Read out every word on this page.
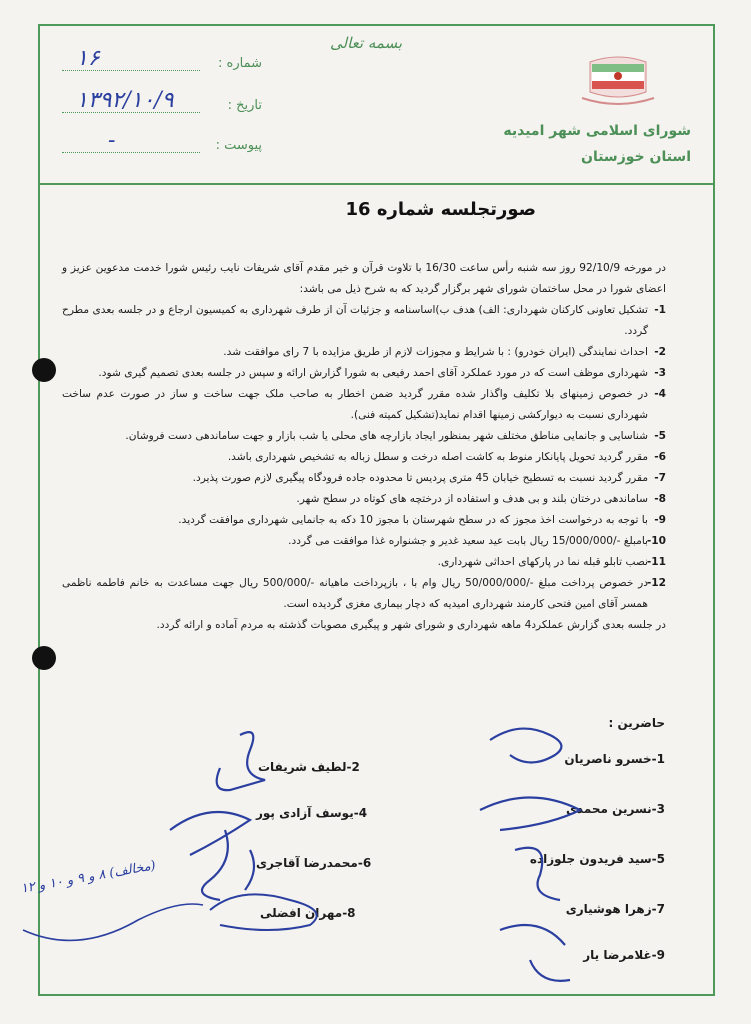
شماره :
۱۶
تاریخ :
۱۳۹۲/۱۰/۹
پیوست :
-
بسمه تعالی
شورای اسلامی شهر امیدیه
استان خوزستان
صورتجلسه شماره 16

در مورخه 92/10/9 روز سه شنبه رأس ساعت 16/30 با تلاوت قرآن و خیر مقدم آقای شریفات نایب رئیس شورا خدمت مدعوین عزیز و اعضای شورا در محل ساختمان شورای شهر برگزار گردید که به شرح ذیل می باشد:

1-
تشکیل تعاونی کارکنان شهرداری: الف) هدف ب)اساسنامه و جزئیات آن از طرف شهرداری به کمیسیون ارجاع و در جلسه بعدی مطرح گردد.
2-
احداث نمایندگی (ایران خودرو) : با شرایط و مجوزات لازم از طریق مزایده با 7 رای موافقت شد.
3-
شهرداری موظف است که در مورد عملکرد آقای احمد رفیعی به شورا گزارش ارائه و سپس در جلسه بعدی تصمیم گیری شود.
4-
در خصوص زمینهای بلا تکلیف واگذار شده مقرر گردید ضمن اخطار به صاحب ملک جهت ساخت و ساز در صورت عدم ساخت شهرداری نسبت به دیوارکشی زمینها اقدام نماید(تشکیل کمیته فنی).
5-
شناسایی و جانمایی مناطق مختلف شهر بمنظور ایجاد بازارچه های محلی یا شب بازار و جهت ساماندهی دست فروشان.
6-
مقرر گردید تحویل پایانکار منوط به کاشت اصله درخت و سطل زباله به تشخیص شهرداری باشد.
7-
مقرر گردید نسبت به تسطیح خیابان 45 متری پردیس تا محدوده جاده فرودگاه پیگیری لازم صورت پذیرد.
8-
ساماندهی درختان بلند و بی هدف و استفاده از درختچه های کوتاه در سطح شهر.
9-
با توجه به درخواست اخذ مجوز که در سطح شهرستان با مجوز 10 دکه به جانمایی شهرداری موافقت گردید.
10-
بامبلغ -/15/000/000 ریال بابت عید سعید غدیر و جشنواره غذا موافقت می گردد.
11-
نصب تابلو قبله نما در پارکهای احداثی شهرداری.
12-
در خصوص پرداخت مبلغ -/50/000/000 ریال وام با ، بازپرداخت ماهیانه -/500/000 ریال جهت مساعدت به خانم فاطمه ناظمی همسر آقای امین فتحی کارمند شهرداری امیدیه که دچار بیماری مغزی گردیده است.

در جلسه بعدی گزارش عملکرد4 ماهه شهرداری و شورای شهر و پیگیری مصوبات گذشته به مردم آماده و ارائه گردد.

حاضرین :
1-خسرو ناصریان
3-نسرین محمدی
5-سید فریدون جلوزاده
7-زهرا هوشیاری
9-غلامرضا یار
2-لطیف شریفات
4-یوسف آزادی پور
6-محمدرضا آقاجری
8-مهران افضلی
(مخالف) ۸ و ۹ و ۱۰ و ۱۲
